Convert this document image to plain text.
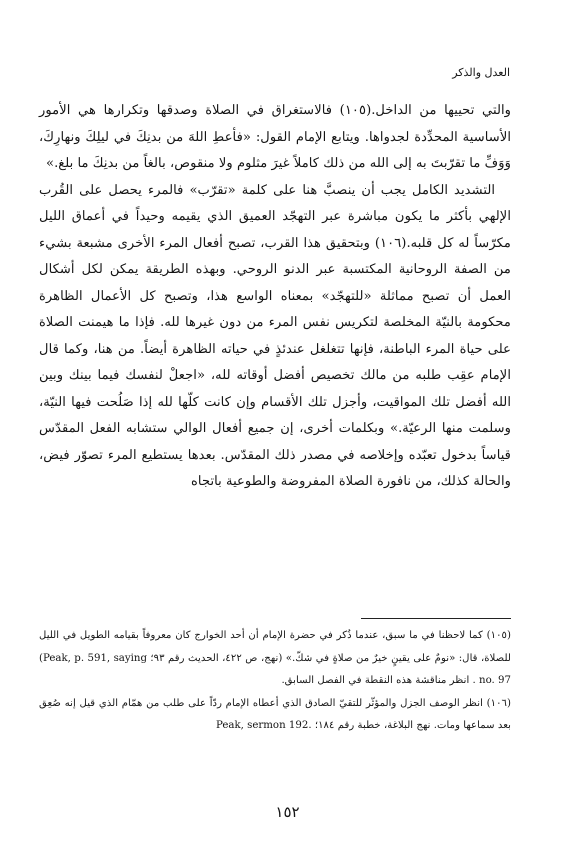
العدل والذكر

والتي تحييها من الداخل.(١٠٥) فالاستغراق في الصلاة وصدقها وتكرارها هي الأمور الأساسية المحدِّدة لجدواها. ويتابع الإمام القول: «فأعطِ اللهَ من بدنِكَ في ليلِكَ ونهارِكَ، وَوَفِّ ما تقرّبتَ به إلى الله من ذلك كاملاً غيرَ مثلوم ولا منقوص، بالغاً من بدنِكَ ما بلغ.»

التشديد الكامل يجب أن ينصبَّ هنا على كلمة «تقرّب» فالمرء يحصل على القُرب الإلهي بأكثر ما يكون مباشرة عبر التهجّد العميق الذي يقيمه وحيداً في أعماق الليل مكرّساً له كل قلبه.(١٠٦) وبتحقيق هذا القرب، تصبح أفعال المرء الأخرى مشبعة بشيء من الصفة الروحانية المكتسبة عبر الدنو الروحي. وبهذه الطريقة يمكن لكل أشكال العمل أن تصبح مماثلة «للتهجّد» بمعناه الواسع هذا، وتصبح كل الأعمال الظاهرة محكومة بالنيّة المخلصة لتكريس نفس المرء من دون غيرها لله. فإذا ما هيمنت الصلاة على حياة المرء الباطنة، فإنها تتغلغل عندئذٍ في حياته الظاهرة أيضاً. من هنا، وكما قال الإمام عقِب طلبه من مالك تخصيص أفضل أوقاته لله، «اجعلْ لنفسك فيما بينك وبين الله أفضل تلك المواقيت، وأجزل تلك الأقسام وإن كانت كلّها لله إذا صَلُحت فيها النيّة، وسلمت منها الرعيّة.» وبكلمات أخرى، إن جميع أفعال الوالي ستشابه الفعل المقدّس قياساً بدخول تعبّده وإخلاصه في مصدر ذلك المقدّس. بعدها يستطيع المرء تصوّر فيض، والحالة كذلك، من نافورة الصلاة المفروضة والطوعية باتجاه

(١٠٥) كما لاحظنا في ما سبق، عندما ذُكر في حضرة الإمام أن أحد الخوارج كان معروفاً بقيامه الطويل في الليل للصلاة، قال: «نومٌ على يقينٍ خيرٌ من صلاةٍ في شكّ.» (نهج، ص ٤٢٢، الحديث رقم ٩٣؛ (Peak, p. 591, saying no. 97 . انظر مناقشة هذه النقطة في الفصل السابق.

(١٠٦) انظر الوصف الجزل والمؤثّر للتقيّ الصادق الذي أعطاه الإمام ردّاً على طلب من همّام الذي قيل إنه صُعِق بعد سماعها ومات. نهج البلاغة، خطبة رقم ١٨٤؛ Peak, sermon 192.

١٥٢
